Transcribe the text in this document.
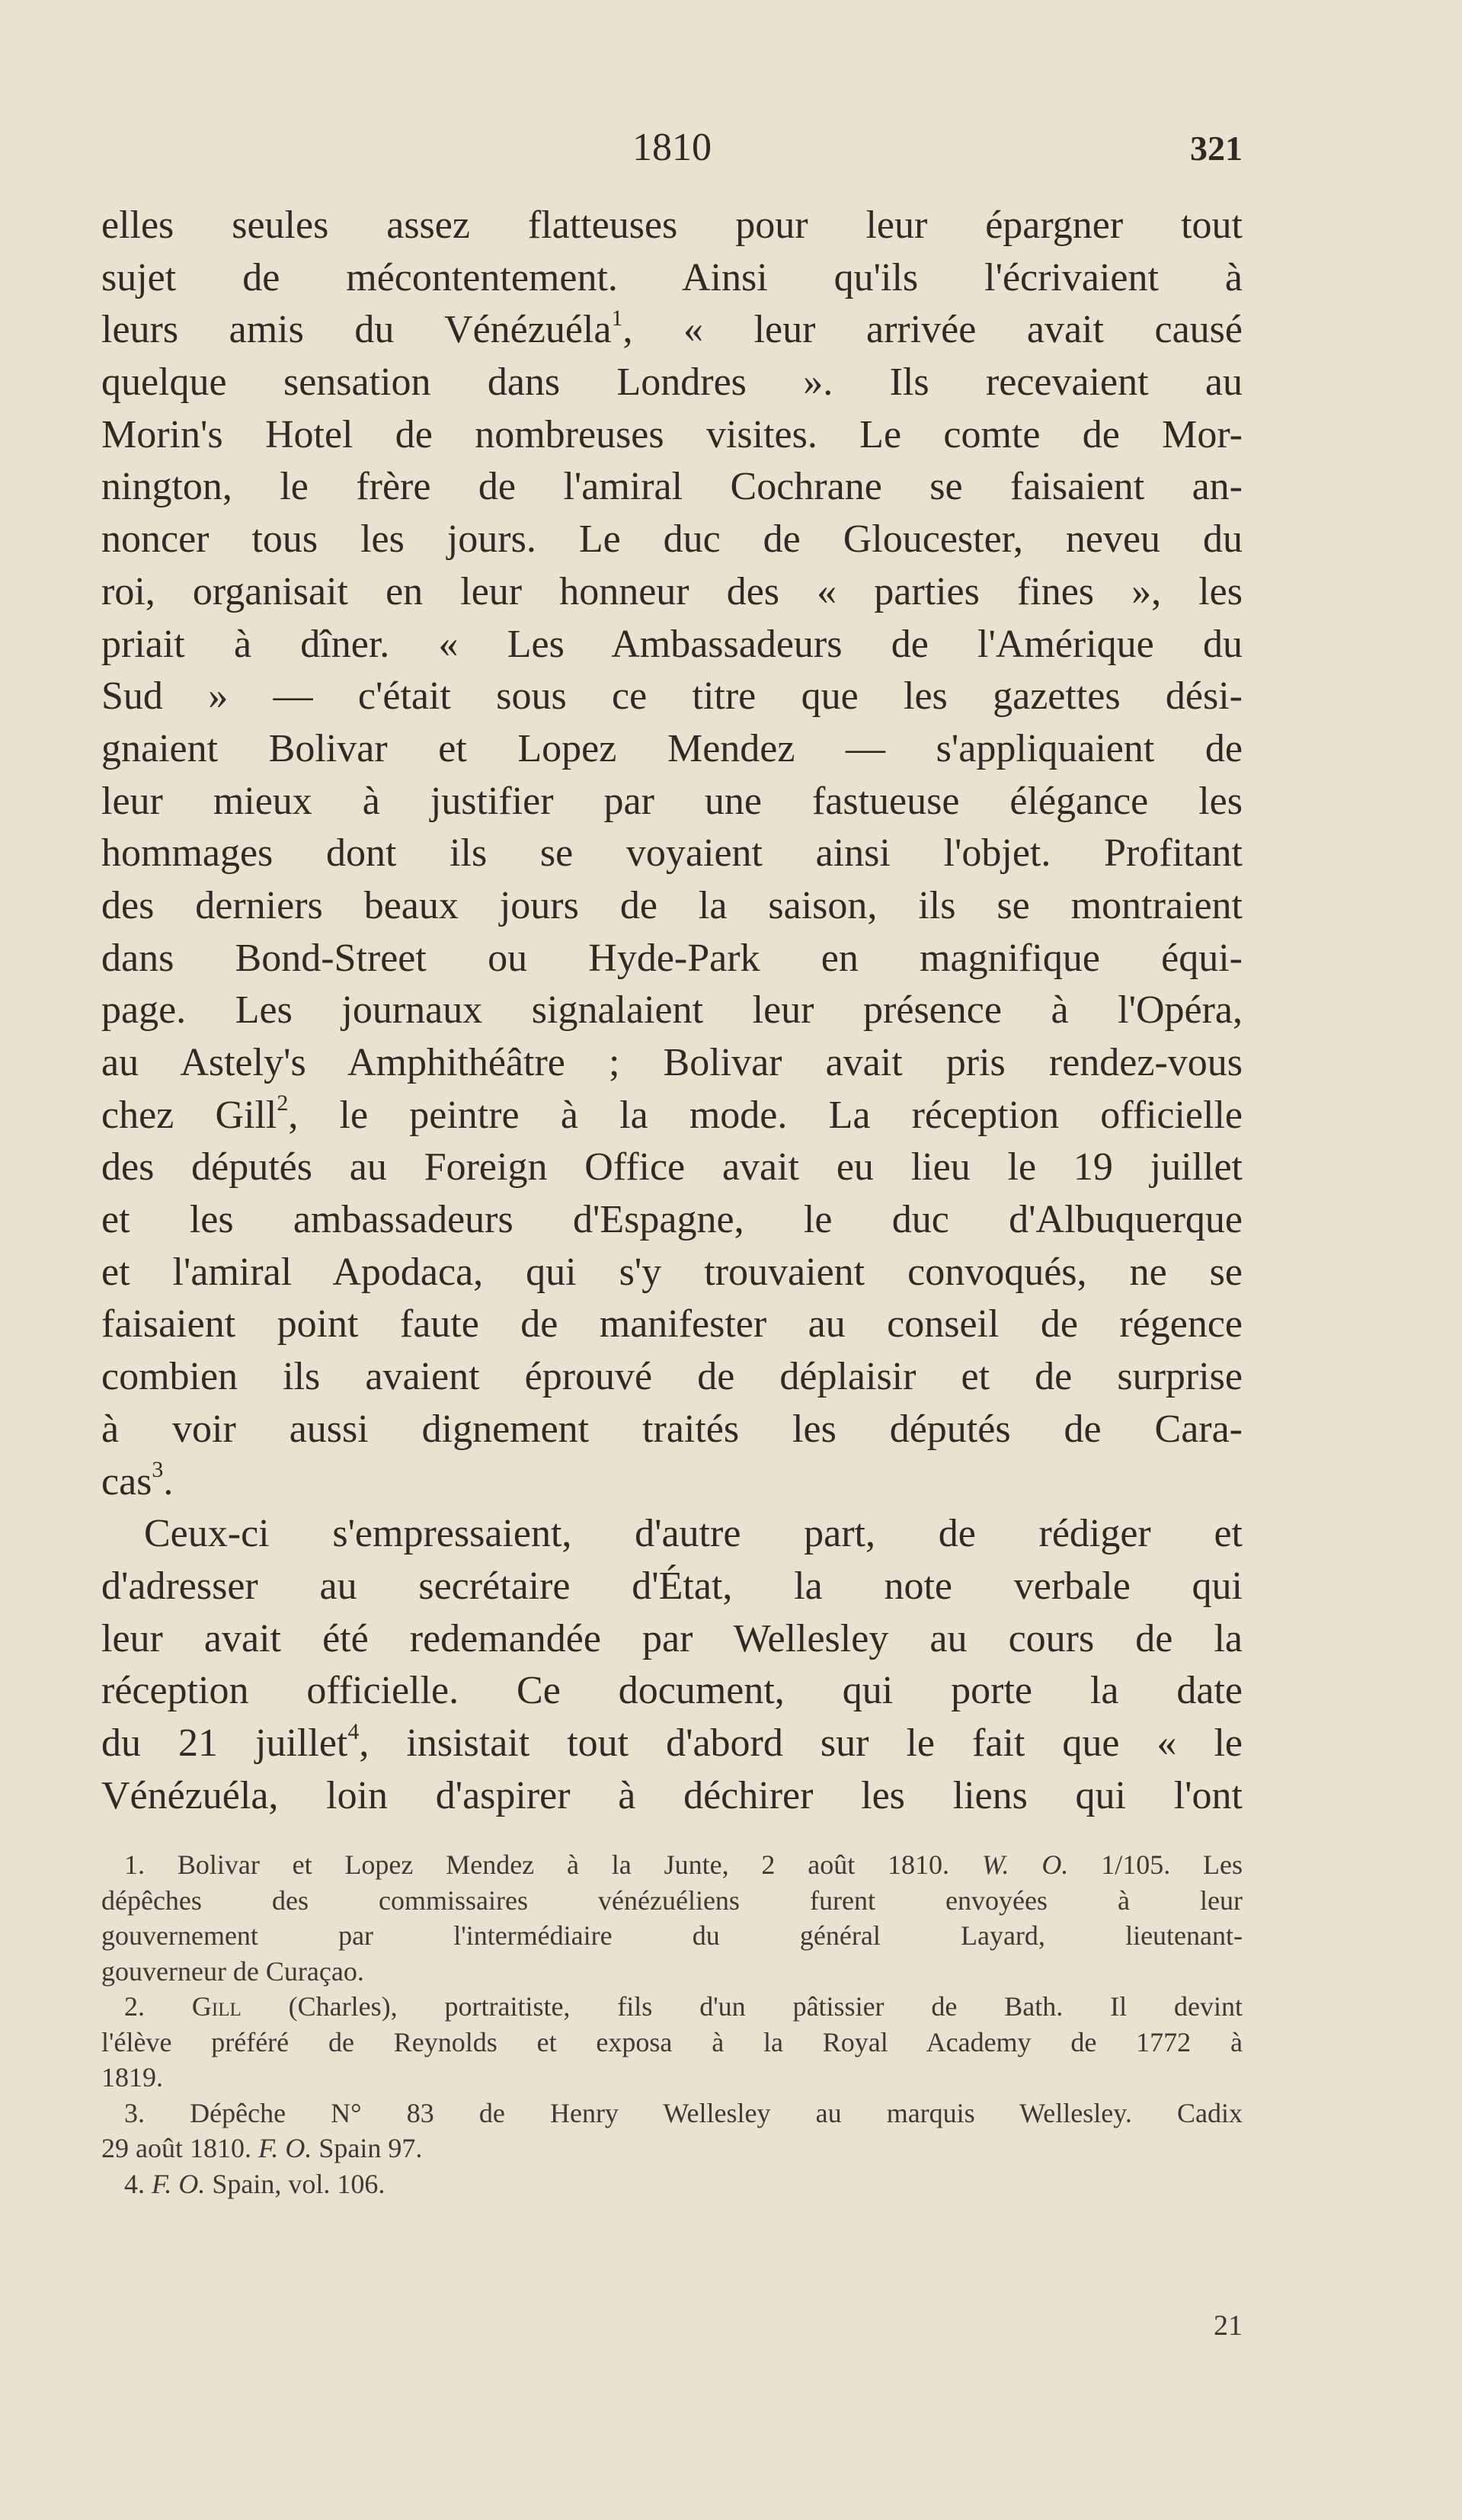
1810	321
elles seules assez flatteuses pour leur épargner tout
sujet de mécontentement. Ainsi qu'ils l'écrivaient à
leurs amis du Vénézuéla$^1$, « leur arrivée avait causé
quelque sensation dans Londres ». Ils recevaient au
Morin's Hotel de nombreuses visites. Le comte de Mor-
nington, le frère de l'amiral Cochrane se faisaient an-
noncer tous les jours. Le duc de Gloucester, neveu du
roi, organisait en leur honneur des « parties fines », les
priait à dîner. « Les Ambassadeurs de l'Amérique du
Sud » — c'était sous ce titre que les gazettes dési-
gnaient Bolivar et Lopez Mendez — s'appliquaient de
leur mieux à justifier par une fastueuse élégance les
hommages dont ils se voyaient ainsi l'objet. Profitant
des derniers beaux jours de la saison, ils se montraient
dans Bond-Street ou Hyde-Park en magnifique équi-
page. Les journaux signalaient leur présence à l'Opéra,
au Astely's Amphithéâtre ; Bolivar avait pris rendez-vous
chez Gill$^2$, le peintre à la mode. La réception officielle
des députés au Foreign Office avait eu lieu le 19 juillet
et les ambassadeurs d'Espagne, le duc d'Albuquerque
et l'amiral Apodaca, qui s'y trouvaient convoqués, ne se
faisaient point faute de manifester au conseil de régence
combien ils avaient éprouvé de déplaisir et de surprise
à voir aussi dignement traités les députés de Cara-
cas$^3$.
Ceux-ci s'empressaient, d'autre part, de rédiger et
d'adresser au secrétaire d'État, la note verbale qui
leur avait été redemandée par Wellesley au cours de la
réception officielle. Ce document, qui porte la date
du 21 juillet$^4$, insistait tout d'abord sur le fait que « le
Vénézuéla, loin d'aspirer à déchirer les liens qui l'ont
1. Bolivar et Lopez Mendez à la Junte, 2 août 1810. W. O. 1/105. Les
dépêches des commissaires vénézuéliens furent envoyées à leur
gouvernement par l'intermédiaire du général Layard, lieutenant-
gouverneur de Curaçao.
2. Gill (Charles), portraitiste, fils d'un pâtissier de Bath. Il devint
l'élève préféré de Reynolds et exposa à la Royal Academy de 1772 à
1819.
3. Dépêche N° 83 de Henry Wellesley au marquis Wellesley. Cadix
29 août 1810. F. O. Spain 97.
4. F. O. Spain, vol. 106.
21
